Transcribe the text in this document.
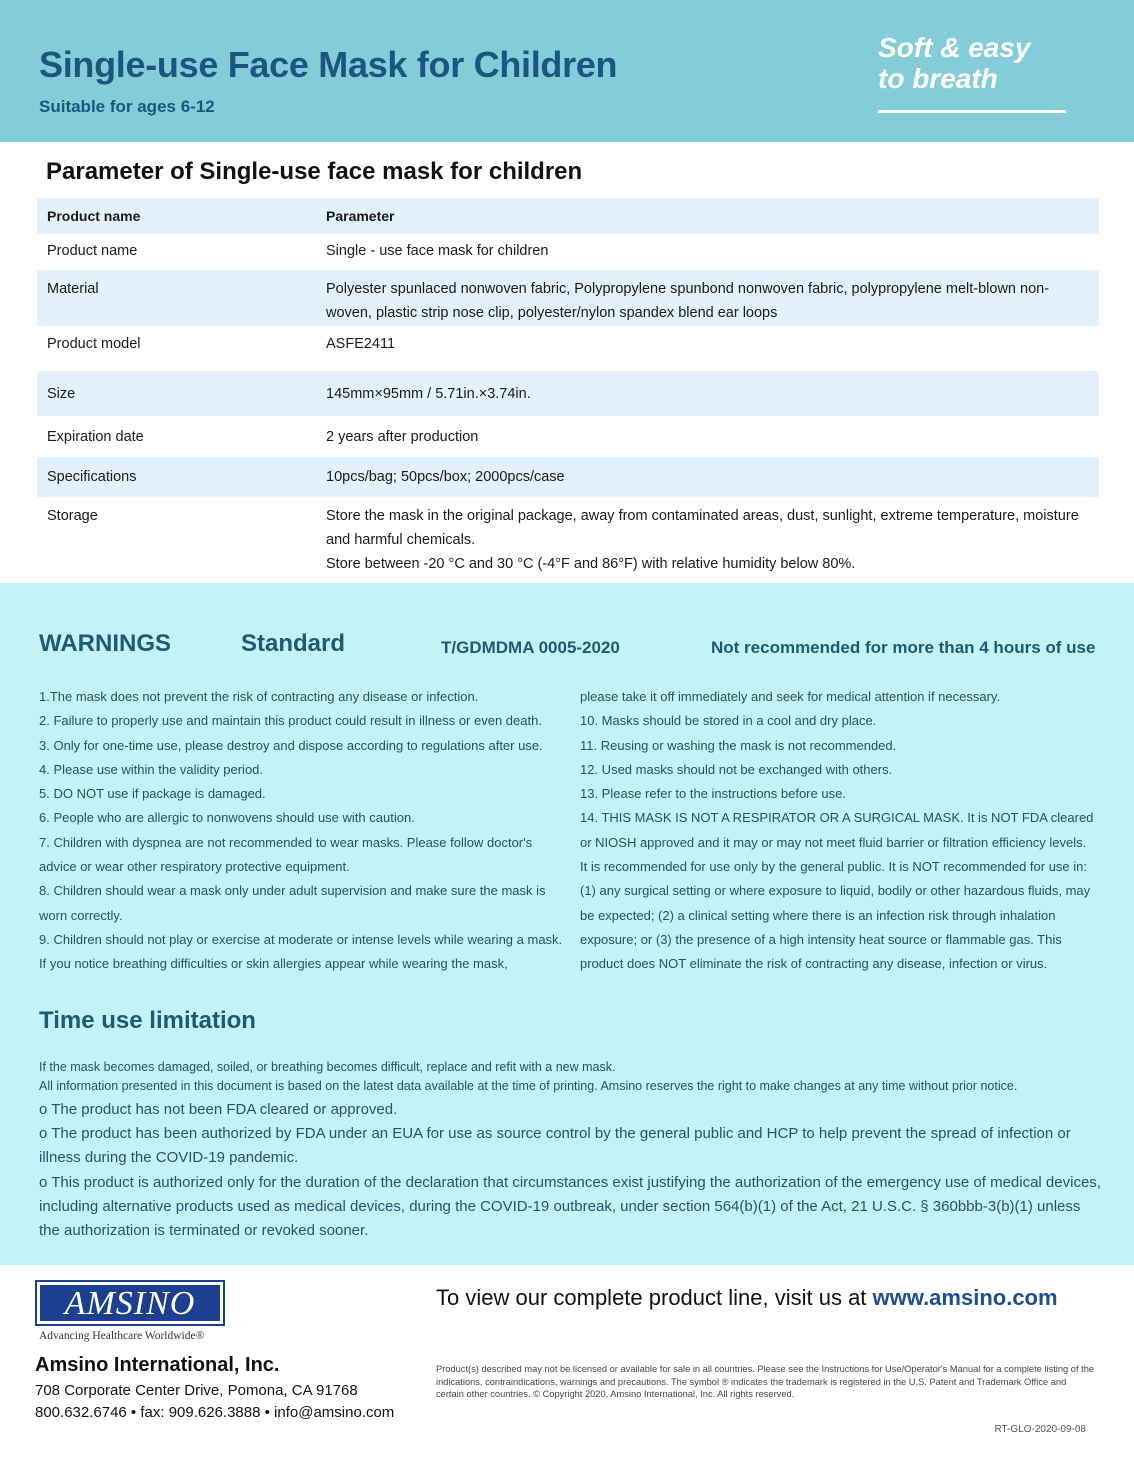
Single-use Face Mask for Children
Suitable for ages 6-12
Soft & easy
to breath
Parameter of Single-use face mask for children
Product name	Parameter
Product name	Single - use face mask for children
Material	Polyester spunlaced nonwoven fabric, Polypropylene spunbond nonwoven fabric, polypropylene melt-blown non-woven, plastic strip nose clip, polyester/nylon spandex blend ear loops
Product model	ASFE2411
Size	145mm×95mm / 5.71in.×3.74in.
Expiration date	2 years after production
Specifications	10pcs/bag; 50pcs/box; 2000pcs/case
Storage	Store the mask in the original package, away from contaminated areas, dust, sunlight, extreme temperature, moisture and harmful chemicals.
Store between -20 °C and 30 °C (-4°F and 86°F) with relative humidity below 80%.
WARNINGS	Standard	T/GDMDMA 0005-2020	Not recommended for more than 4 hours of use

1.The mask does not prevent the risk of contracting any disease or infection.

2. Failure to properly use and maintain this product could result in illness or even death.

3. Only for one-time use, please destroy and dispose according to regulations after use.

4. Please use within the validity period.

5. DO NOT use if package is damaged.

6. People who are allergic to nonwovens should use with caution.

7. Children with dyspnea are not recommended to wear masks. Please follow doctor's advice or wear other respiratory protective equipment.

8. Children should wear a mask only under adult supervision and make sure the mask is worn correctly.

9. Children should not play or exercise at moderate or intense levels while wearing a mask. If you notice breathing difficulties or skin allergies appear while wearing the mask,

please take it off immediately and seek for medical attention if necessary.

10. Masks should be stored in a cool and dry place.

11. Reusing or washing the mask is not recommended.

12. Used masks should not be exchanged with others.

13. Please refer to the instructions before use.

14. THIS MASK IS NOT A RESPIRATOR OR A SURGICAL MASK. It is NOT FDA cleared or NIOSH approved and it may or may not meet fluid barrier or filtration efficiency levels.

It is recommended for use only by the general public. It is NOT recommended for use in: (1) any surgical setting or where exposure to liquid, bodily or other hazardous fluids, may be expected; (2) a clinical setting where there is an infection risk through inhalation exposure; or (3) the presence of a high intensity heat source or flammable gas. This product does NOT eliminate the risk of contracting any disease, infection or virus.

Time use limitation
If the mask becomes damaged, soiled, or breathing becomes difficult, replace and refit with a new mask.
All information presented in this document is based on the latest data available at the time of printing. Amsino reserves the right to make changes at any time without prior notice.

o The product has not been FDA cleared or approved.

o The product has been authorized by FDA under an EUA for use as source control by the general public and HCP to help prevent the spread of infection or illness during the COVID-19 pandemic.

o This product is authorized only for the duration of the declaration that circumstances exist justifying the authorization of the emergency use of medical devices, including alternative products used as medical devices, during the COVID-19 outbreak, under section 564(b)(1) of the Act, 21 U.S.C. § 360bbb-3(b)(1) unless the authorization is terminated or revoked sooner.

AMSINO
Advancing Healthcare Worldwide®
Amsino International, Inc.
708 Corporate Center Drive, Pomona, CA 91768
800.632.6746 • fax: 909.626.3888 • info@amsino.com
To view our complete product line, visit us at www.amsino.com
Product(s) described may not be licensed or available for sale in all countries. Please see the Instructions for Use/Operator's Manual for a complete listing of the indications, contraindications, warnings and precautions. The symbol ® indicates the trademark is registered in the U.S. Patent and Trademark Office and certain other countries. © Copyright 2020, Amsino International, Inc. All rights reserved.
RT-GLO-2020-09-08
